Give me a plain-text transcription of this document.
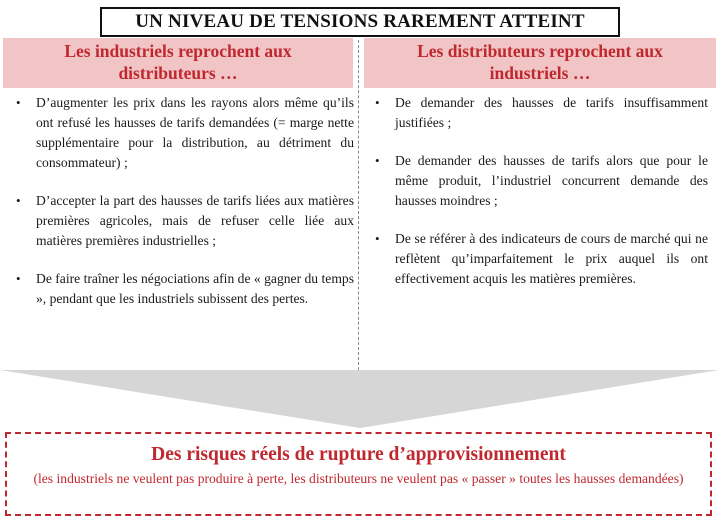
UN NIVEAU DE TENSIONS RAREMENT ATTEINT
Les industriels reprochent aux
distributeurs …
Les distributeurs reprochent aux
industriels …
• D’augmenter les prix dans les rayons alors même qu’ils ont refusé les hausses de tarifs demandées (= marge nette supplémentaire pour la distribution, au détriment du consommateur) ;
• D’accepter la part des hausses de tarifs liées aux matières premières agricoles, mais de refuser celle liée aux matières premières industrielles ;
• De faire traîner les négociations afin de « gagner du temps », pendant que les industriels subissent des pertes.
• De demander des hausses de tarifs insuffisamment justifiées ;
• De demander des hausses de tarifs alors que pour le même produit, l’industriel concurrent demande des hausses moindres ;
• De se référer à des indicateurs de cours de marché qui ne reflètent qu’imparfaitement le prix auquel ils ont effectivement acquis les matières premières.
Des risques réels de rupture d’approvisionnement
(les industriels ne veulent pas produire à perte, les distributeurs ne veulent pas « passer » toutes les hausses demandées)
